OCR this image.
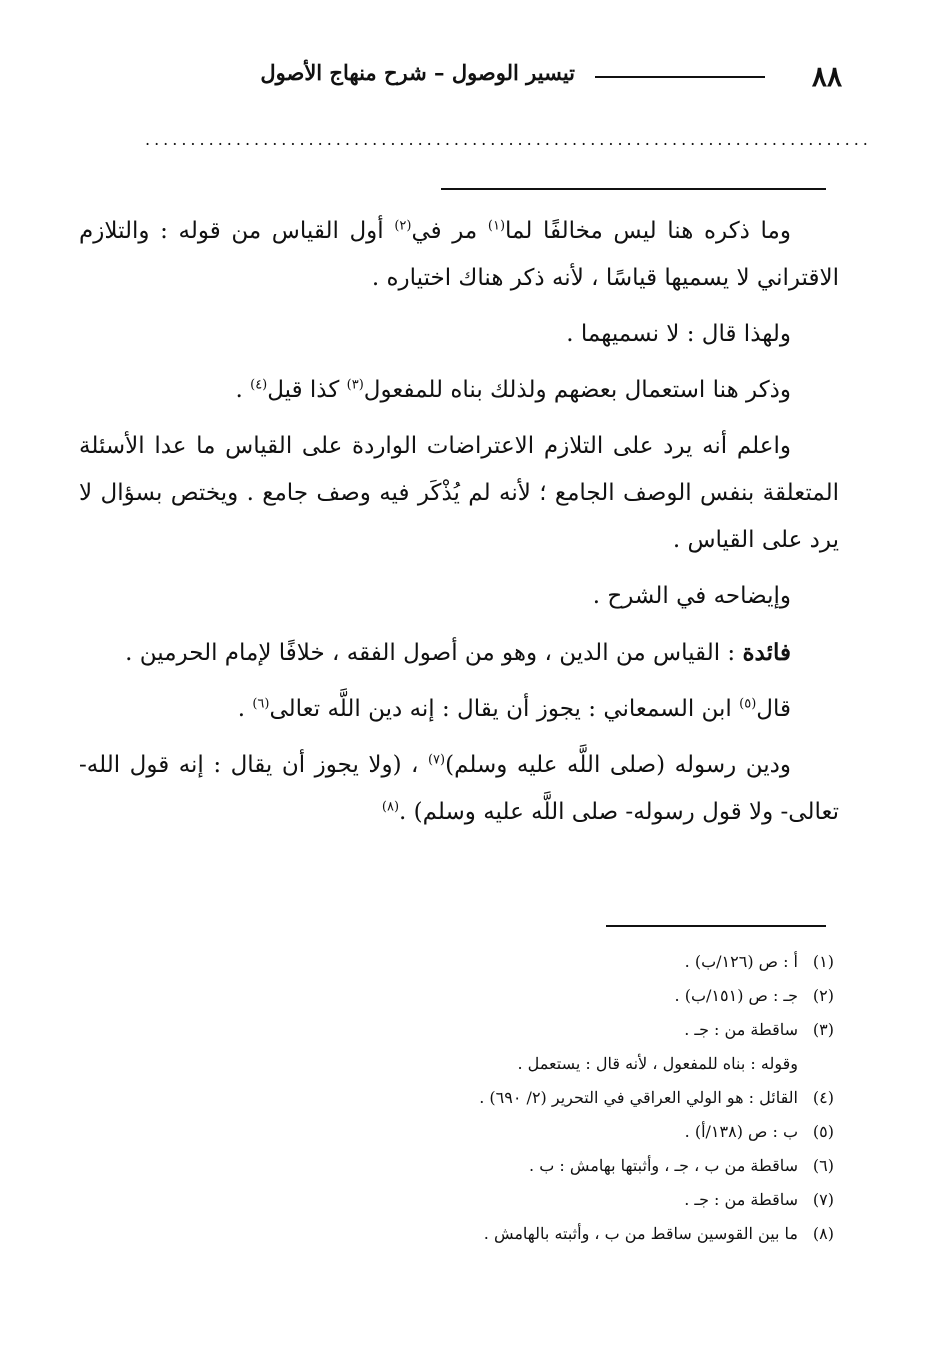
٨٨
تيسير الوصول – شرح منهاج الأصول
................................................................................

وما ذكره هنا ليس مخالفًا لما$^{(١)}$ مر في$^{(٢)}$ أول القياس من قوله : والتلازم الاقتراني لا يسميها قياسًا ، لأنه ذكر هناك اختياره .

ولهذا قال : لا نسميهما .

وذكر هنا استعمال بعضهم ولذلك بناه للمفعول$^{(٣)}$ كذا قيل$^{(٤)}$ .

واعلم أنه يرد على التلازم الاعتراضات الواردة على القياس ما عدا الأسئلة المتعلقة بنفس الوصف الجامع ؛ لأنه لم يُذْكَر فيه وصف جامع . ويختص بسؤال لا يرد على القياس .

وإيضاحه في الشرح .

فائدة : القياس من الدين ، وهو من أصول الفقه ، خلافًا لإمام الحرمين .

قال$^{(٥)}$ ابن السمعاني : يجوز أن يقال : إنه دين اللَّه تعالى$^{(٦)}$ .

ودين رسوله (صلى اللَّه عليه وسلم)$^{(٧)}$ ، (ولا يجوز أن يقال : إنه قول الله- تعالى- ولا قول رسوله- صلى اللَّه عليه وسلم) .$^{(٨)}$

(١)أ : ص (١٢٦/ب) .
(٢)جـ : ص (١٥١/ب) .
(٣)ساقطة من : جـ .
وقوله : بناه للمفعول ، لأنه قال : يستعمل .
(٤)القائل : هو الولي العراقي في التحرير (٢/ ٦٩٠) .
(٥)ب : ص (١٣٨/أ) .
(٦)ساقطة من ب ، جـ ، وأثبتها بهامش : ب .
(٧)ساقطة من : جـ .
(٨)ما بين القوسين ساقط من ب ، وأثبته بالهامش .
